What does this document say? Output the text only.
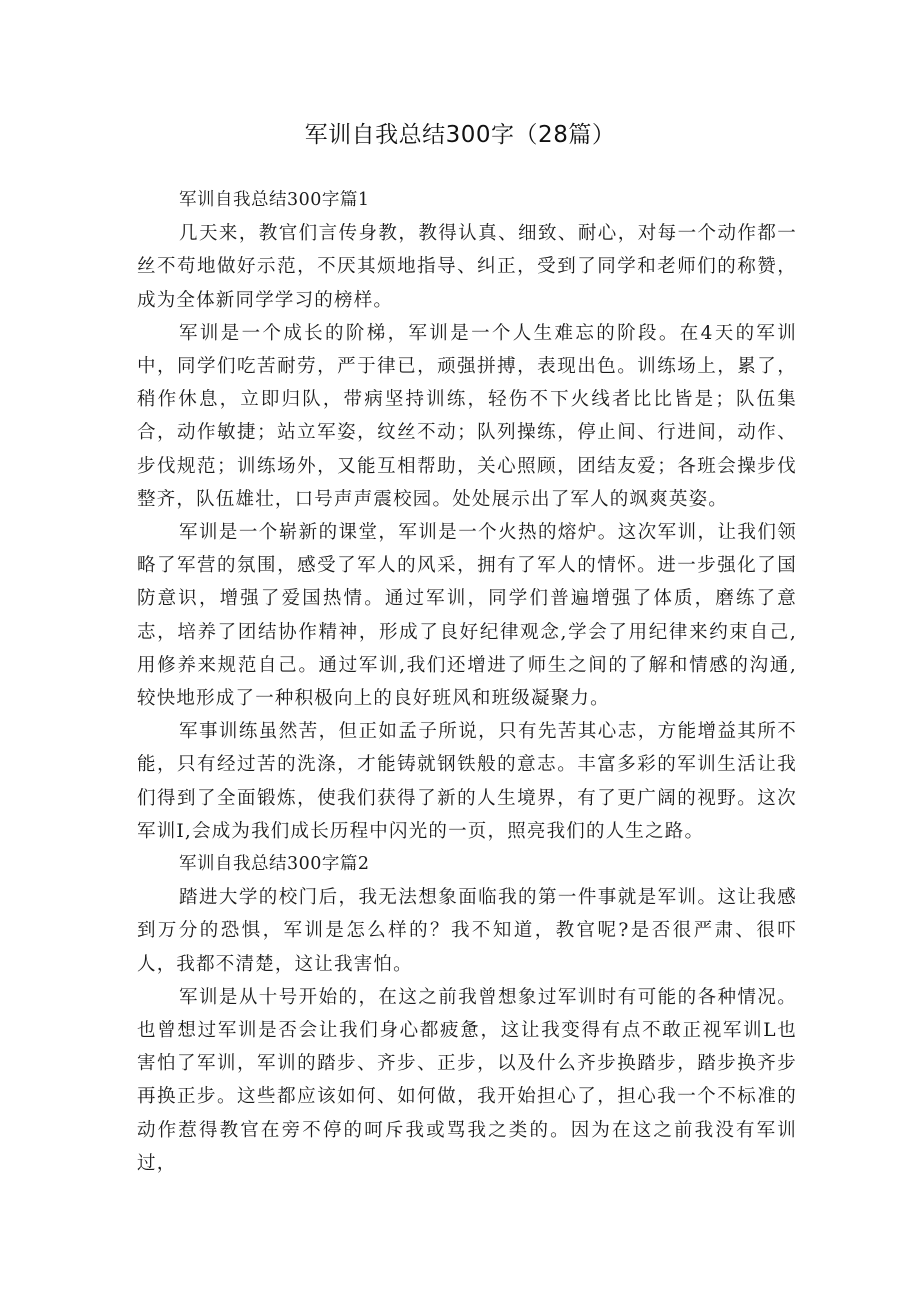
军训自我总结300字（28篇）

军训自我总结300字篇1

几天来，教官们言传身教，教得认真、细致、耐心，对每一个动作都一丝不苟地做好示范，不厌其烦地指导、纠正，受到了同学和老师们的称赞，成为全体新同学学习的榜样。

军训是一个成长的阶梯，军训是一个人生难忘的阶段。在4天的军训中，同学们吃苦耐劳，严于律已，顽强拼搏，表现出色。训练场上，累了，稍作休息，立即归队，带病坚持训练，轻伤不下火线者比比皆是；队伍集合，动作敏捷；站立军姿，纹丝不动；队列操练，停止间、行进间，动作、步伐规范；训练场外，又能互相帮助，关心照顾，团结友爱；各班会操步伐整齐，队伍雄壮，口号声声震校园。处处展示出了军人的飒爽英姿。

军训是一个崭新的课堂，军训是一个火热的熔炉。这次军训，让我们领略了军营的氛围，感受了军人的风采，拥有了军人的情怀。进一步强化了国防意识，增强了爱国热情。通过军训，同学们普遍增强了体质，磨练了意志，培养了团结协作精神，形成了良好纪律观念,学会了用纪律来约束自己,用修养来规范自己。通过军训,我们还增进了师生之间的了解和情感的沟通,较快地形成了一种积极向上的良好班风和班级凝聚力。

军事训练虽然苦，但正如孟子所说，只有先苦其心志，方能增益其所不能，只有经过苦的洗涤，才能铸就钢铁般的意志。丰富多彩的军训生活让我们得到了全面锻炼，使我们获得了新的人生境界，有了更广阔的视野。这次军训I,会成为我们成长历程中闪光的一页，照亮我们的人生之路。

军训自我总结300字篇2

踏进大学的校门后，我无法想象面临我的第一件事就是军训。这让我感到万分的恐惧，军训是怎么样的？我不知道，教官呢?是否很严肃、很吓人，我都不清楚，这让我害怕。

军训是从十号开始的，在这之前我曾想象过军训时有可能的各种情况。也曾想过军训是否会让我们身心都疲惫，这让我变得有点不敢正视军训L也害怕了军训，军训的踏步、齐步、正步，以及什么齐步换踏步，踏步换齐步再换正步。这些都应该如何、如何做，我开始担心了，担心我一个不标准的动作惹得教官在旁不停的呵斥我或骂我之类的。因为在这之前我没有军训过，
